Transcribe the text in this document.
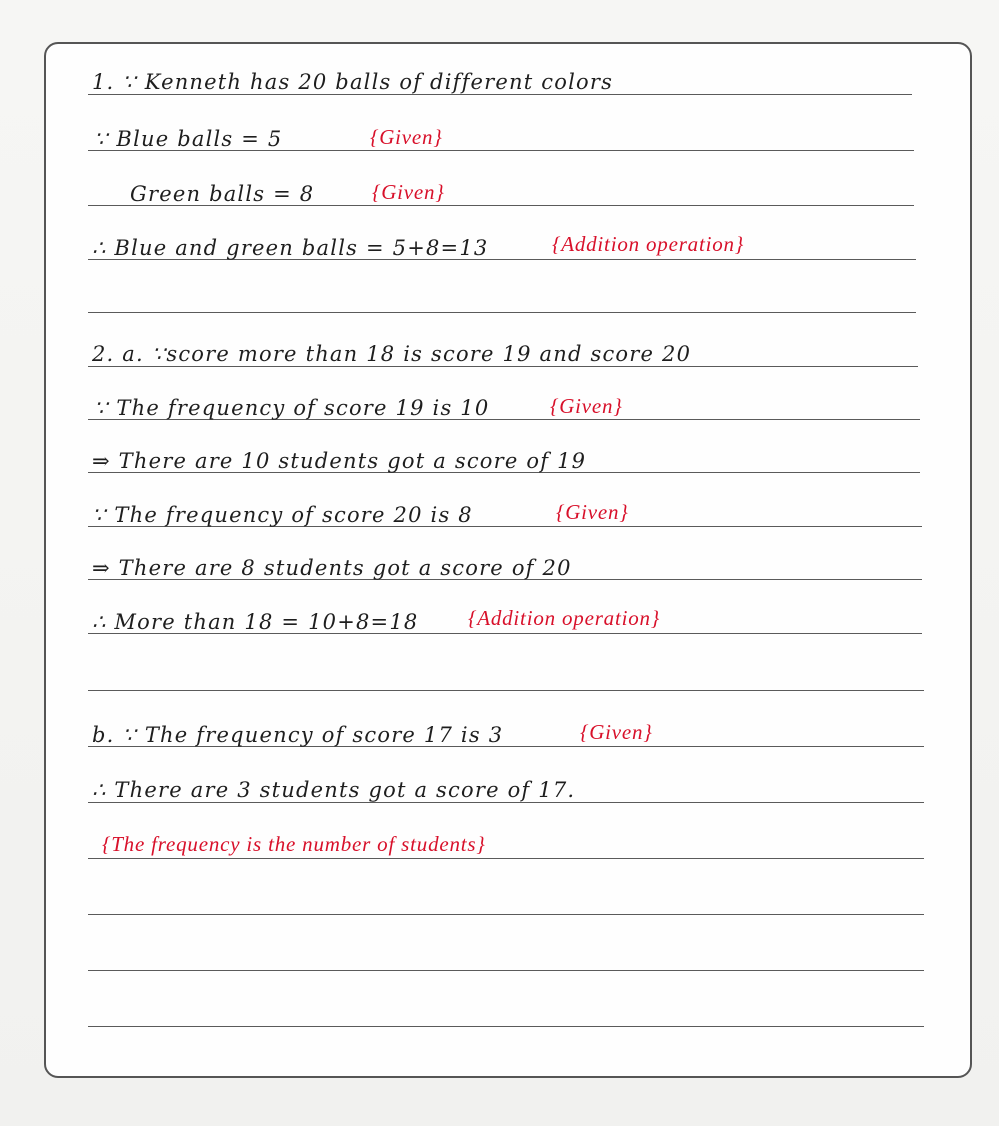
1. ∵ Kenneth has 20 balls of different colors
∵ Blue balls = 5	{Given}
Green balls = 8	{Given}
∴ Blue and green balls = 5+8=13	{Addition operation}
2. a. ∵score more than 18 is score 19 and score 20
∵ The frequency of score 19 is 10	{Given}
⇒ There are 10 students got a score of 19
∵ The frequency of score 20 is 8	{Given}
⇒ There are 8 students got a score of 20
∴ More than 18 = 10+8=18 {Addition operation}
b. ∵ The frequency of score 17 is 3	{Given}
∴ There are 3 students got a score of 17.
{The frequency is the number of students}
